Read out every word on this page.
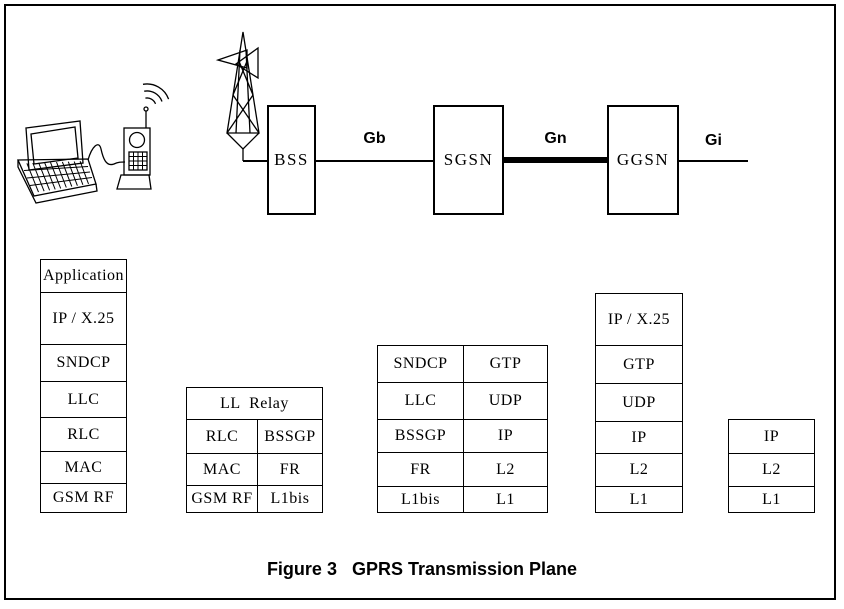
Gb	Gn	Gi
BSS	SGSN	GGSN
Application
IP / X.25
SNDCP
LLC
RLC
MAC
GSM RF
LL  Relay
RLC	BSSGP
MAC	FR
GSM RF	L1bis
SNDCP	GTP
LLC	UDP
BSSGP	IP
FR	L2
L1bis	L1
IP / X.25
GTP
UDP
IP
L2
L1
IP
L2
L1
Figure 3   GPRS Transmission Plane
